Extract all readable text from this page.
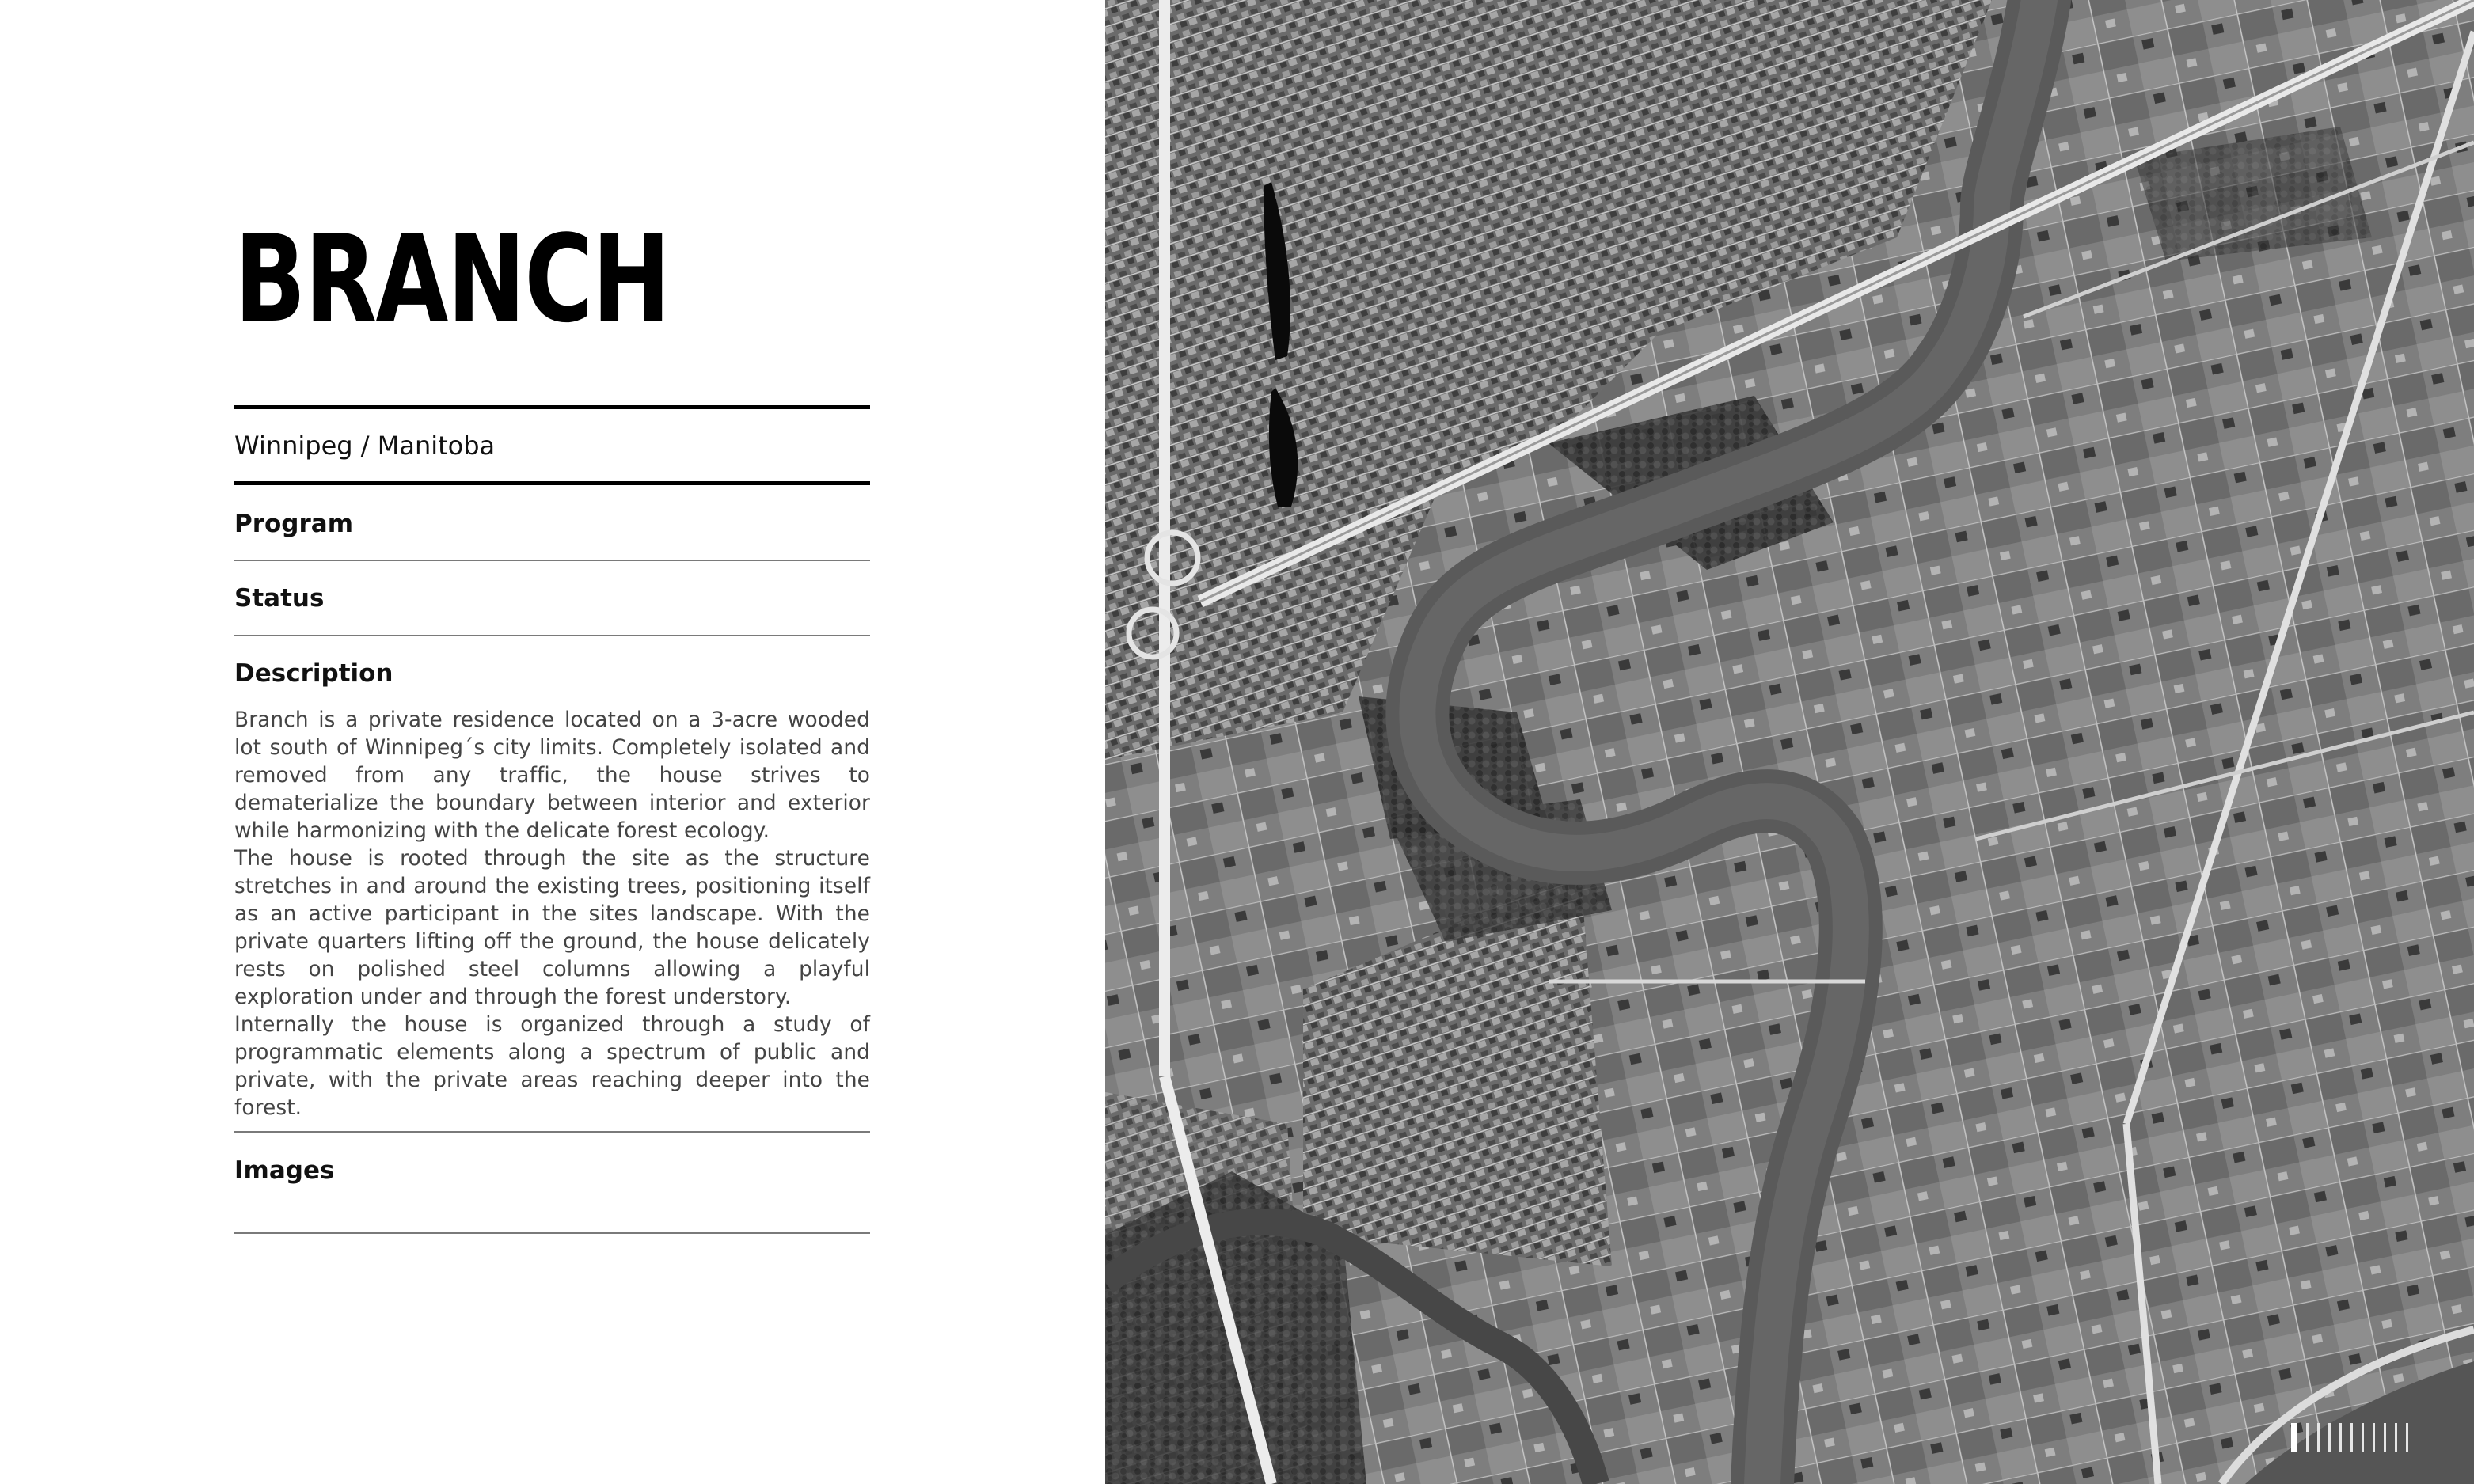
BRANCH
Winnipeg / Manitoba
Program
Status
Description

Branch is a private residence located on a 3-acre wooded lot south of Winnipeg´s city limits. Completely isolated and removed from any traffic, the house strives to dematerialize the boundary between interior and exterior while harmonizing with the delicate forest ecology.

The house is rooted through the site as the structure stretches in and around the existing trees, positioning itself as an active participant in the sites landscape. With the private quarters lifting off the ground, the house delicately rests on polished steel columns allowing a playful exploration under and through the forest understory.

Internally the house is organized through a study of programmatic elements along a spectrum of public and private, with the private areas reaching deeper into the forest.

Images
